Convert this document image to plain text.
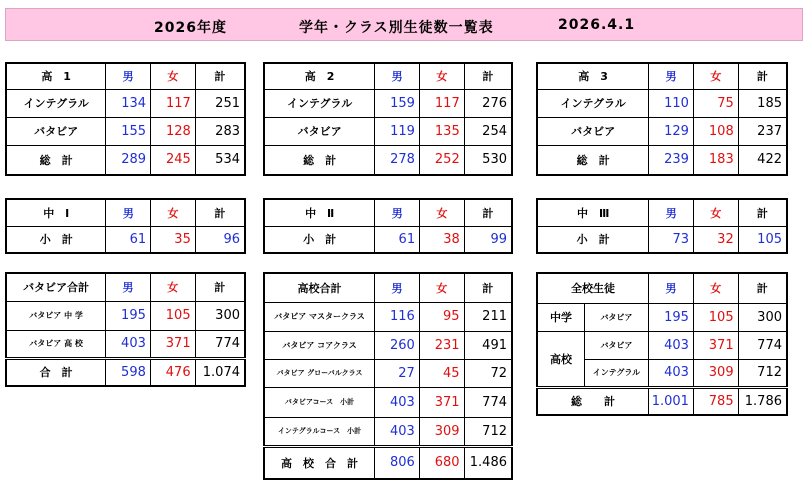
2026年度	学年・クラス別生徒数一覧表	2026.4.1
高　1	男	女	計
インテグラル	134	117	251
バタビア	155	128	283
総　計	289	245	534
高　2	男	女	計
インテグラル	159	117	276
バタビア	119	135	254
総　計	278	252	530
高　3	男	女	計
インテグラル	110	75	185
バタビア	129	108	237
総　計	239	183	422
中　Ⅰ	男	女	計
小　計	61	35	96
中　Ⅱ	男	女	計
小　計	61	38	99
中　Ⅲ	男	女	計
小　計	73	32	105
バタビア合計	男	女	計
バタビア 中 学	195	105	300
バタビア 高 校	403	371	774
合　計	598	476	1.074
高校合計	男	女	計
バタビア マスタークラス	116	95	211
バタビア コアクラス	260	231	491
バタビア グローバルクラス	27	45	72
バタビアコース　小計	403	371	774
インテグラルコース　小計	403	309	712
高　校　合　計	806	680	1.486
全校生徒		男	女	計
中学	バタビア	195	105	300
高校	バタビア	403	371	774
	インテグラル	403	309	712
総　　計		1.001	785	1.786
